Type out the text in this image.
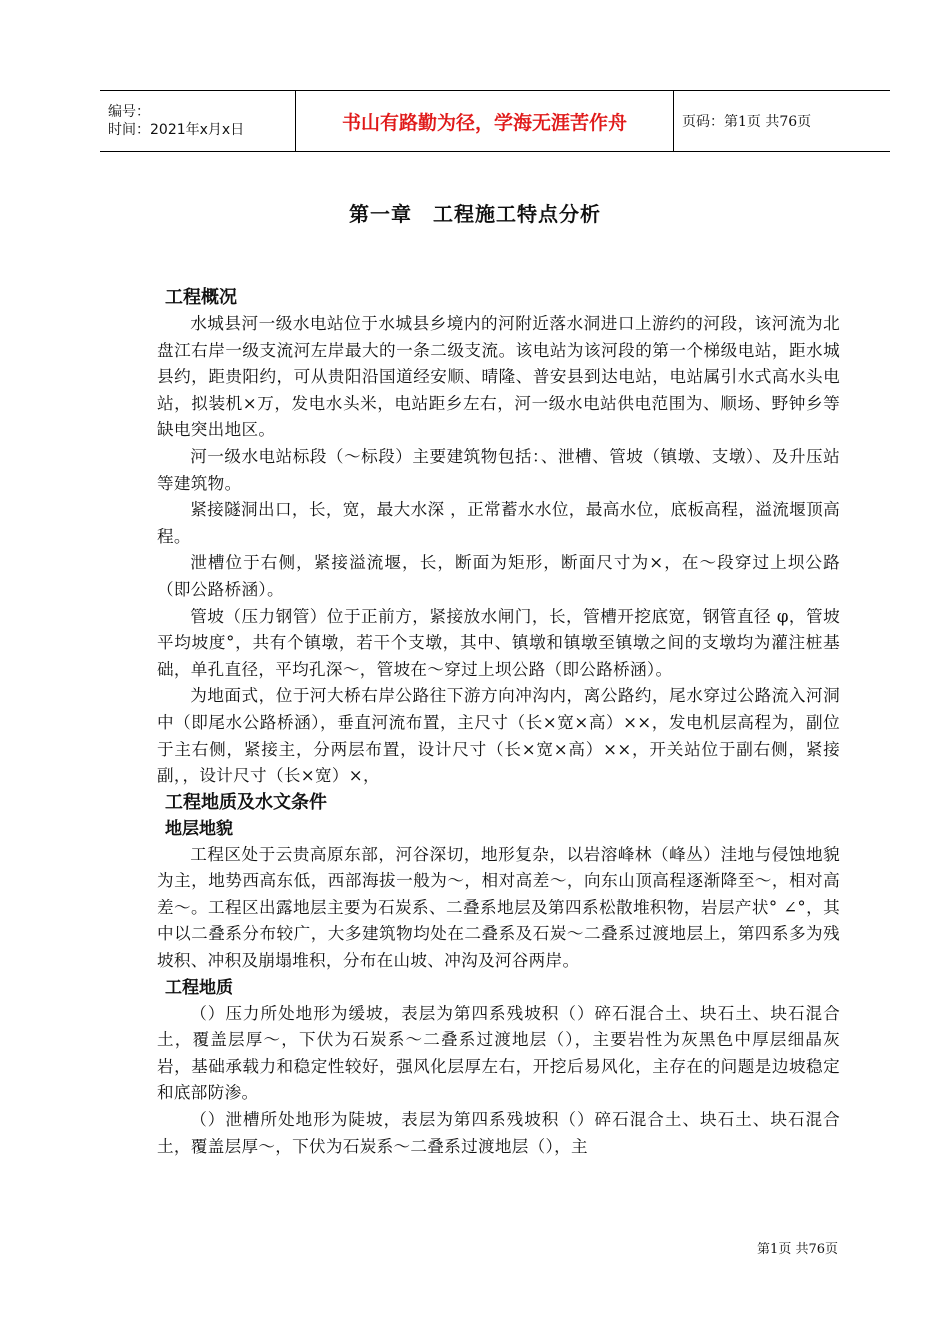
编号：
时间：2021年x月x日	书山有路勤为径，学海无涯苦作舟	页码：第1页 共76页
第一章　工程施工特点分析
工程概况

水城县河一级水电站位于水城县乡境内的河附近落水洞进口上游约的河段，该河流为北盘江右岸一级支流河左岸最大的一条二级支流。该电站为该河段的第一个梯级电站，距水城县约，距贵阳约，可从贵阳沿国道经安顺、晴隆、普安县到达电站，电站属引水式高水头电站，拟装机×万，发电水头米，电站距乡左右，河一级水电站供电范围为、顺场、野钟乡等缺电突出地区。

河一级水电站标段（～标段）主要建筑物包括：、泄槽、管坡（镇墩、支墩）、及升压站等建筑物。

紧接隧洞出口，长，宽，最大水深 ，正常蓄水水位，最高水位，底板高程，溢流堰顶高程。

泄槽位于右侧，紧接溢流堰，长，断面为矩形，断面尺寸为×，在～段穿过上坝公路（即公路桥涵）。

管坡（压力钢管）位于正前方，紧接放水闸门，长，管槽开挖底宽，钢管直径 φ，管坡平均坡度°，共有个镇墩，若干个支墩，其中、镇墩和镇墩至镇墩之间的支墩均为灌注桩基础，单孔直径，平均孔深～，管坡在～穿过上坝公路（即公路桥涵）。

为地面式，位于河大桥右岸公路往下游方向冲沟内，离公路约，尾水穿过公路流入河洞中（即尾水公路桥涵），垂直河流布置，主尺寸（长×宽×高）××，发电机层高程为，副位于主右侧，紧接主，分两层布置，设计尺寸（长×宽×高）××，开关站位于副右侧，紧接副，，设计尺寸（长×宽）×，

工程地质及水文条件
地层地貌

工程区处于云贵高原东部，河谷深切，地形复杂，以岩溶峰林（峰丛）洼地与侵蚀地貌为主，地势西高东低，西部海拔一般为～，相对高差～，向东山顶高程逐渐降至～，相对高差～。工程区出露地层主要为石炭系、二叠系地层及第四系松散堆积物，岩层产状° ∠°，其中以二叠系分布较广，大多建筑物均处在二叠系及石炭～二叠系过渡地层上，第四系多为残坡积、冲积及崩塌堆积，分布在山坡、冲沟及河谷两岸。

工程地质

（）压力所处地形为缓坡，表层为第四系残坡积（）碎石混合土、块石土、块石混合土，覆盖层厚～，下伏为石炭系～二叠系过渡地层（），主要岩性为灰黑色中厚层细晶灰岩，基础承载力和稳定性较好，强风化层厚左右，开挖后易风化，主存在的问题是边坡稳定和底部防渗。

（）泄槽所处地形为陡坡，表层为第四系残坡积（）碎石混合土、块石土、块石混合土，覆盖层厚～，下伏为石炭系～二叠系过渡地层（），主

第1页 共76页
